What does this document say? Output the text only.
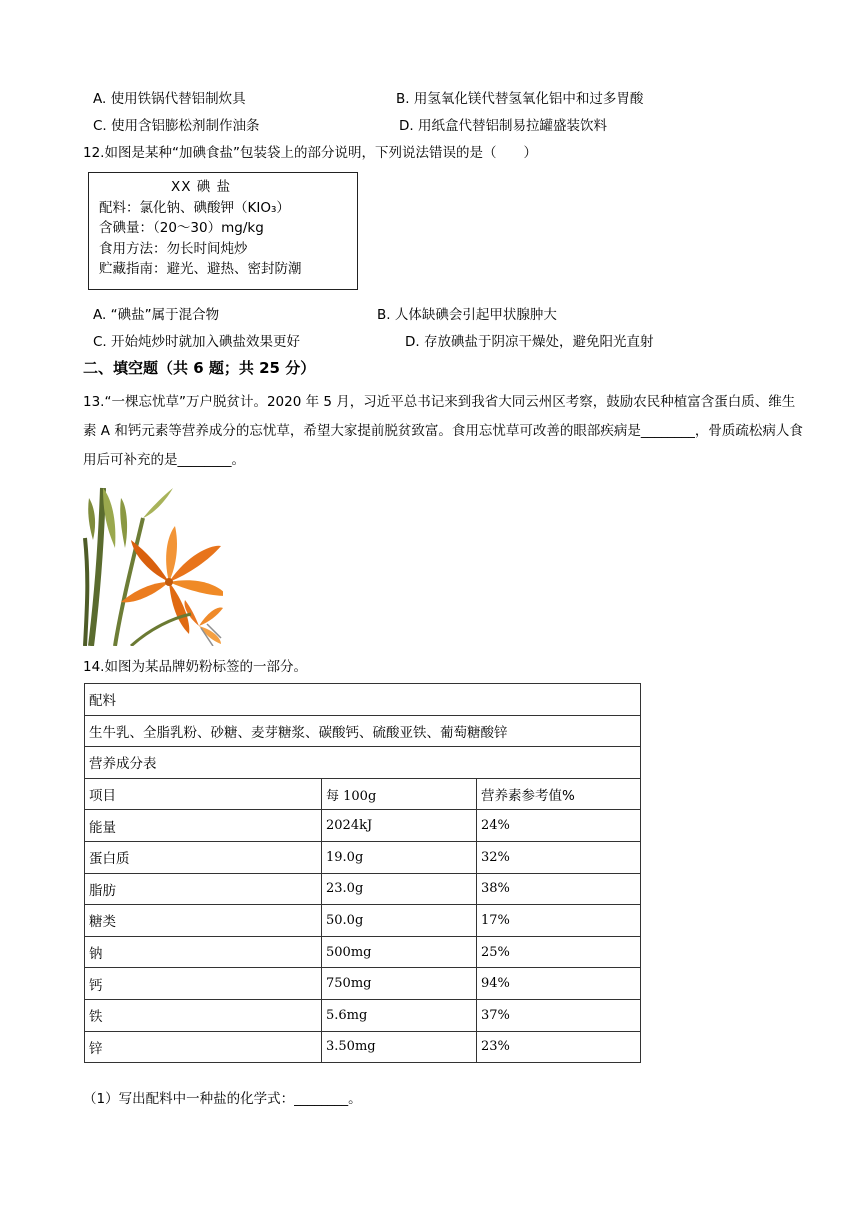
A. 使用铁锅代替铝制炊具	B. 用氢氧化镁代替氢氧化铝中和过多胃酸
C. 使用含铝膨松剂制作油条	D. 用纸盒代替铝制易拉罐盛装饮料
12.如图是某种“加碘食盐”包装袋上的部分说明，下列说法错误的是（　　）
XX 碘 盐
配料：氯化钠、碘酸钾（KIO₃）
含碘量：（20～30）mg/kg
食用方法：勿长时间炖炒
贮藏指南：避光、避热、密封防潮
A. “碘盐”属于混合物	B. 人体缺碘会引起甲状腺肿大
C. 开始炖炒时就加入碘盐效果更好	D. 存放碘盐于阴凉干燥处，避免阳光直射
二、填空题（共 6 题；共 25 分）
13.“一棵忘忧草”万户脱贫计。2020 年 5 月，习近平总书记来到我省大同云州区考察，鼓励农民种植富含蛋白质、维生素 A 和钙元素等营养成分的忘忧草，希望大家提前脱贫致富。食用忘忧草可改善的眼部疾病是________，骨质疏松病人食用后可补充的是________。
14.如图为某品牌奶粉标签的一部分。
配料		
生牛乳、全脂乳粉、砂糖、麦芽糖浆、碳酸钙、硫酸亚铁、葡萄糖酸锌		
营养成分表		
项目	每 100g	营养素参考值%
能量	2024kJ	24%
蛋白质	19.0g	32%
脂肪	23.0g	38%
糖类	50.0g	17%
钠	500mg	25%
钙	750mg	94%
铁	5.6mg	37%
锌	3.50mg	23%
（1）写出配料中一种盐的化学式：________。
